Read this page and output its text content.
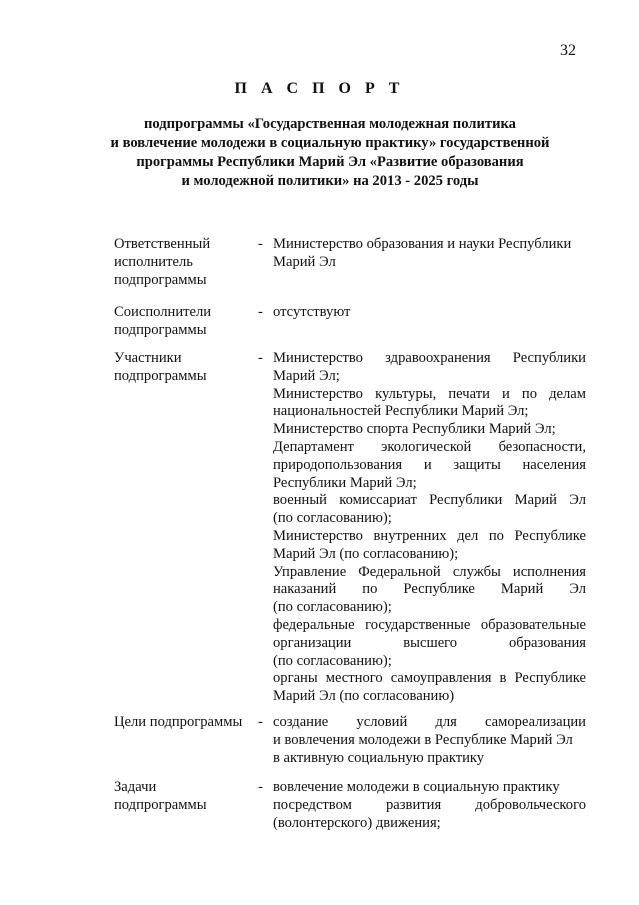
32
П А С П О Р Т
подпрограммы «Государственная молодежная политика
и вовлечение молодежи в социальную практику» государственной
программы Республики Марий Эл «Развитие образования
и молодежной политики» на 2013 - 2025 годы
Ответственный
исполнитель
подпрограммы
- Министерство образования и науки Республики
Марий Эл
Соисполнители
подпрограммы
- отсутствуют
Участники
подпрограммы
- Министерство здравоохранения Республики
Марий Эл;
Министерство культуры, печати и по делам
национальностей Республики Марий Эл;
Министерство спорта Республики Марий Эл;
Департамент экологической безопасности,
природопользования и защиты населения
Республики Марий Эл;
военный комиссариат Республики Марий Эл
(по согласованию);
Министерство внутренних дел по Республике
Марий Эл (по согласованию);
Управление Федеральной службы исполнения
наказаний по Республике Марий Эл
(по согласованию);
федеральные государственные образовательные
организации высшего образования
(по согласованию);
органы местного самоуправления в Республике
Марий Эл (по согласованию)
Цели подпрограммы	- создание условий для самореализации
и вовлечения молодежи в Республике Марий Эл
в активную социальную практику
Задачи
подпрограммы
- вовлечение молодежи в социальную практику
посредством развития добровольческого
(волонтерского) движения;
